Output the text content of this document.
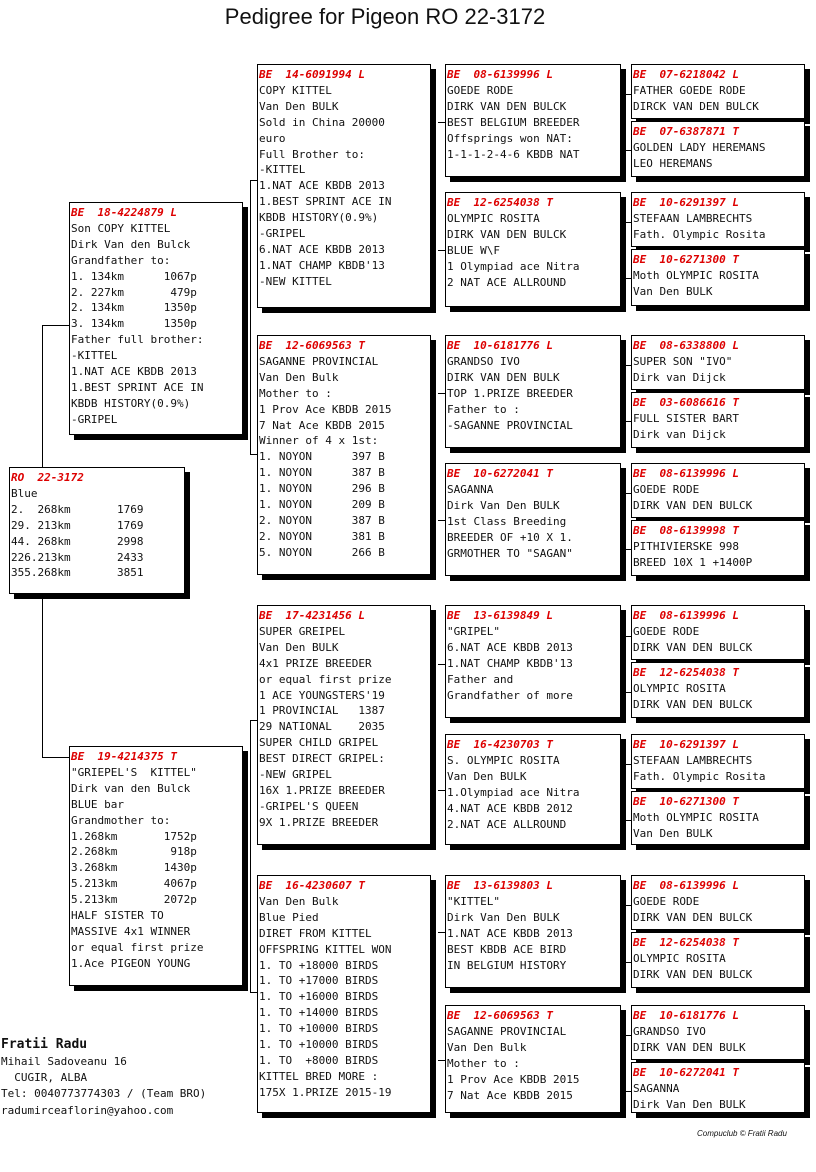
Pedigree for Pigeon RO 22-3172
RO  22-3172
Blue
2.  268km       1769
29. 213km       1769
44. 268km       2998
226.213km       2433
355.268km       3851
BE  18-4224879 L
Son COPY KITTEL
Dirk Van den Bulck
Grandfather to:
1. 134km      1067p
2. 227km       479p
2. 134km      1350p
3. 134km      1350p
Father full brother:
-KITTEL
1.NAT ACE KBDB 2013
1.BEST SPRINT ACE IN
KBDB HISTORY(0.9%)
-GRIPEL
BE  19-4214375 T
"GRIEPEL'S  KITTEL"
Dirk van den Bulck
BLUE bar
Grandmother to:
1.268km       1752p
2.268km        918p
3.268km       1430p
5.213km       4067p
5.213km       2072p
HALF SISTER TO
MASSIVE 4x1 WINNER
or equal first prize
1.Ace PIGEON YOUNG
BE  14-6091994 L
COPY KITTEL
Van Den BULK
Sold in China 20000
euro
Full Brother to:
-KITTEL
1.NAT ACE KBDB 2013
1.BEST SPRINT ACE IN
KBDB HISTORY(0.9%)
-GRIPEL
6.NAT ACE KBDB 2013
1.NAT CHAMP KBDB'13
-NEW KITTEL
BE  12-6069563 T
SAGANNE PROVINCIAL
Van Den Bulk
Mother to :
1 Prov Ace KBDB 2015
7 Nat Ace KBDB 2015
Winner of 4 x 1st:
1. NOYON      397 B
1. NOYON      387 B
1. NOYON      296 B
1. NOYON      209 B
2. NOYON      387 B
2. NOYON      381 B
5. NOYON      266 B
BE  17-4231456 L
SUPER GREIPEL
Van Den BULK
4x1 PRIZE BREEDER
or equal first prize
1 ACE YOUNGSTERS'19
1 PROVINCIAL   1387
29 NATIONAL    2035
SUPER CHILD GRIPEL
BEST DIRECT GRIPEL:
-NEW GRIPEL
16X 1.PRIZE BREEDER
-GRIPEL'S QUEEN
9X 1.PRIZE BREEDER
BE  16-4230607 T
Van Den Bulk
Blue Pied
DIRET FROM KITTEL
OFFSPRING KITTEL WON
1. TO +18000 BIRDS
1. TO +17000 BIRDS
1. TO +16000 BIRDS
1. TO +14000 BIRDS
1. TO +10000 BIRDS
1. TO +10000 BIRDS
1. TO  +8000 BIRDS
KITTEL BRED MORE :
175X 1.PRIZE 2015-19
BE  08-6139996 L
GOEDE RODE
DIRK VAN DEN BULCK
BEST BELGIUM BREEDER
Offsprings won NAT:
1-1-1-2-4-6 KBDB NAT
BE  12-6254038 T
OLYMPIC ROSITA
DIRK VAN DEN BULCK
BLUE W\F
1 Olympiad ace Nitra
2 NAT ACE ALLROUND
BE  10-6181776 L
GRANDSO IVO
DIRK VAN DEN BULK
TOP 1.PRIZE BREEDER
Father to :
-SAGANNE PROVINCIAL
BE  10-6272041 T
SAGANNA
Dirk Van Den BULK
1st Class Breeding
BREEDER OF +10 X 1.
GRMOTHER TO "SAGAN"
BE  13-6139849 L
"GRIPEL"
6.NAT ACE KBDB 2013
1.NAT CHAMP KBDB'13
Father and
Grandfather of more
BE  16-4230703 T
S. OLYMPIC ROSITA
Van Den BULK
1.Olympiad ace Nitra
4.NAT ACE KBDB 2012
2.NAT ACE ALLROUND
BE  13-6139803 L
"KITTEL"
Dirk Van Den BULK
1.NAT ACE KBDB 2013
BEST KBDB ACE BIRD
IN BELGIUM HISTORY
BE  12-6069563 T
SAGANNE PROVINCIAL
Van Den Bulk
Mother to :
1 Prov Ace KBDB 2015
7 Nat Ace KBDB 2015
BE  07-6218042 L
FATHER GOEDE RODE
DIRCK VAN DEN BULCK
BE  07-6387871 T
GOLDEN LADY HEREMANS
LEO HEREMANS
BE  10-6291397 L
STEFAAN LAMBRECHTS
Fath. Olympic Rosita
BE  10-6271300 T
Moth OLYMPIC ROSITA
Van Den BULK
BE  08-6338800 L
SUPER SON "IVO"
Dirk van Dijck
BE  03-6086616 T
FULL SISTER BART
Dirk van Dijck
BE  08-6139996 L
GOEDE RODE
DIRK VAN DEN BULCK
BE  08-6139998 T
PITHIVIERSKE 998
BREED 10X 1 +1400P
BE  08-6139996 L
GOEDE RODE
DIRK VAN DEN BULCK
BE  12-6254038 T
OLYMPIC ROSITA
DIRK VAN DEN BULCK
BE  10-6291397 L
STEFAAN LAMBRECHTS
Fath. Olympic Rosita
BE  10-6271300 T
Moth OLYMPIC ROSITA
Van Den BULK
BE  08-6139996 L
GOEDE RODE
DIRK VAN DEN BULCK
BE  12-6254038 T
OLYMPIC ROSITA
DIRK VAN DEN BULCK
BE  10-6181776 L
GRANDSO IVO
DIRK VAN DEN BULK
BE  10-6272041 T
SAGANNA
Dirk Van Den BULK
Fratii Radu
Mihail Sadoveanu 16
CUGIR, ALBA
Tel: 0040773774303 / (Team BRO)
radumirceaflorin@yahoo.com
Compuclub © Fratii Radu
